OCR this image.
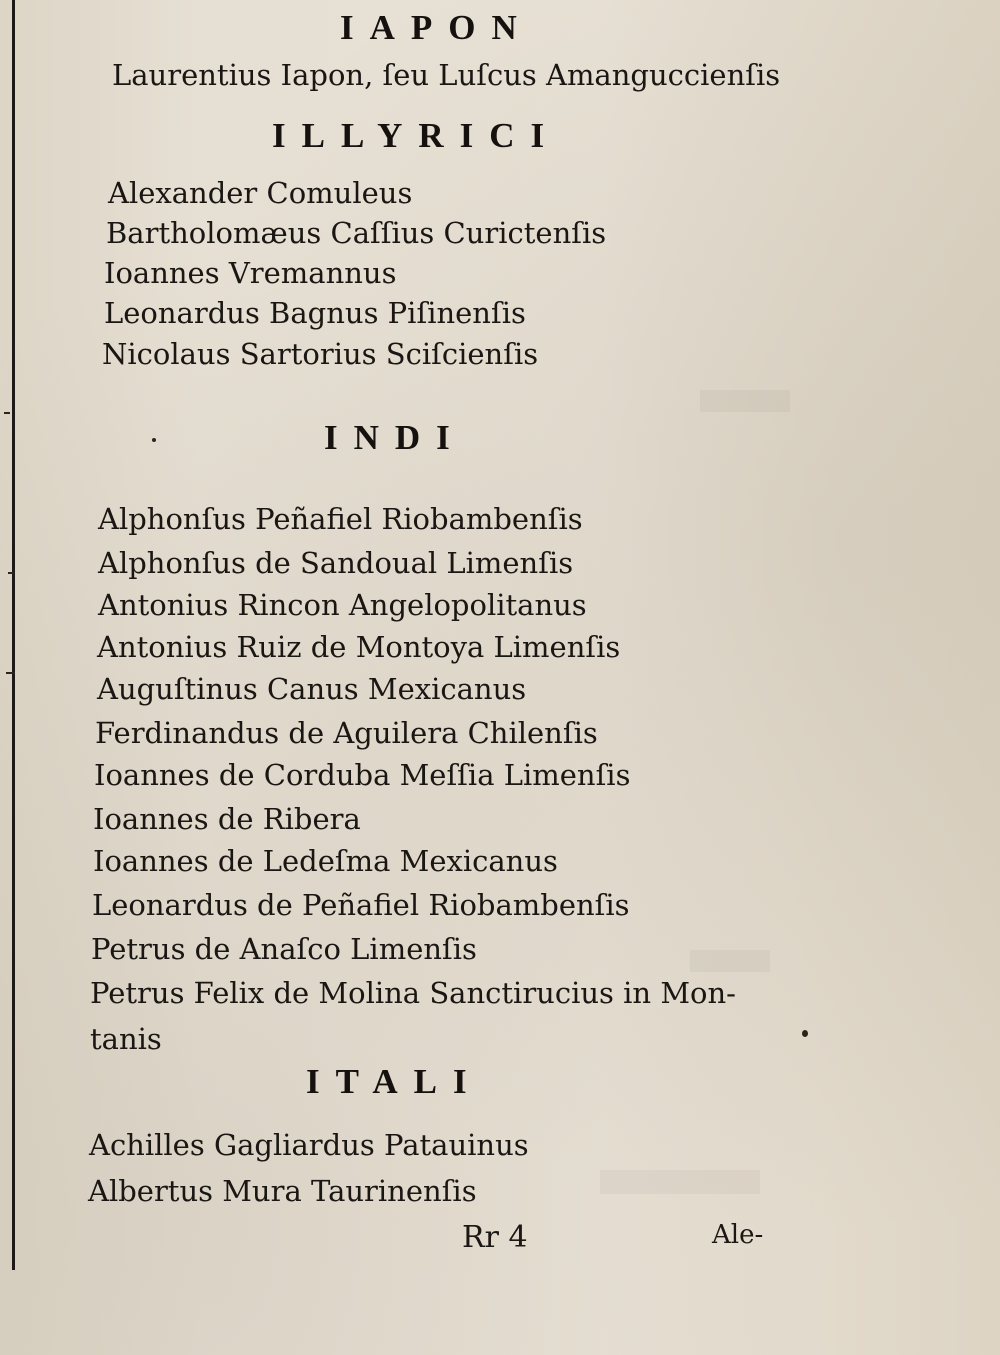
IAPON
Laurentius Iapon, ſeu Luſcus Amanguccienſis
ILLYRICI
Alexander Comuleus
Bartholomæus Caſſius Curictenſis
Ioannes Vremannus
Leonardus Bagnus Piſinenſis
Nicolaus Sartorius Sciſcienſis
INDI
Alphonſus Peñafiel Riobambenſis
Alphonſus de Sandoual Limenſis
Antonius Rincon Angelopolitanus
Antonius Ruiz de Montoya Limenſis
Auguſtinus Canus Mexicanus
Ferdinandus de Aguilera Chilenſis
Ioannes de Corduba Meſſia Limenſis
Ioannes de Ribera
Ioannes de Ledeſma Mexicanus
Leonardus de Peñafiel Riobambenſis
Petrus de Anaſco Limenſis
Petrus Felix de Molina Sanctirucius in Mon-
tanis
ITALI
Achilles Gagliardus Patauinus
Albertus Mura Taurinenſis
Rr 4	Ale-
